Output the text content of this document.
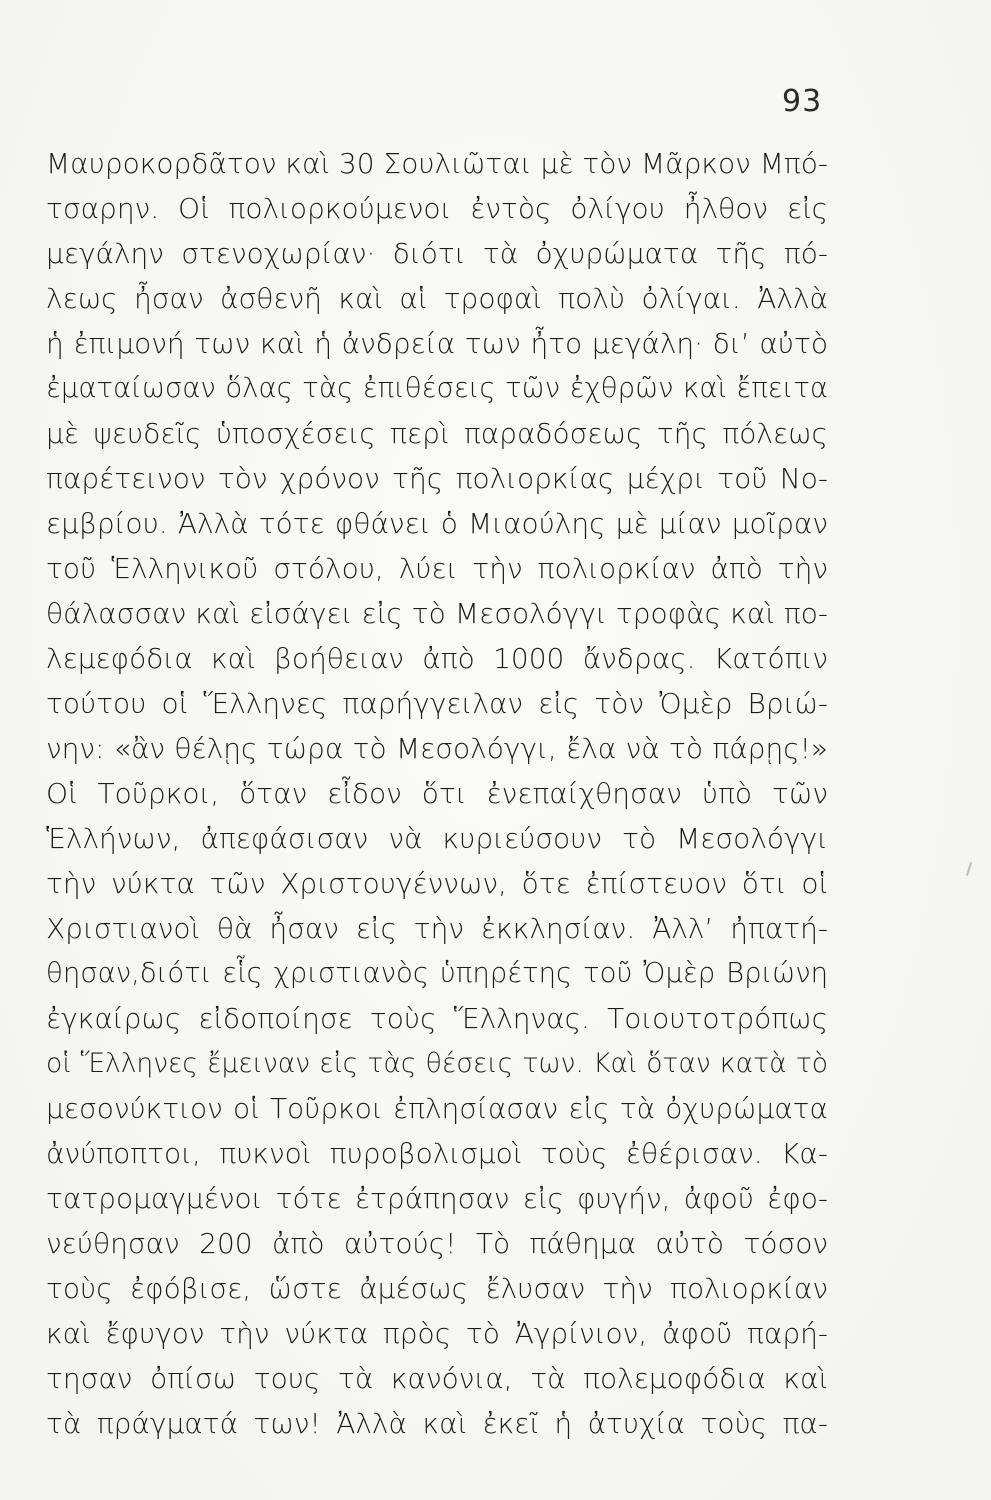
93
Μαυροκορδᾶτον καὶ 30 Σουλιῶται μὲ τὸν Μᾶρκον Μπό-
τσαρην. Οἱ πολιορκούμενοι ἐντὸς ὀλίγου ἦλθον εἰς
μεγάλην στενοχωρίαν· διότι τὰ ὀχυρώματα τῆς πό-
λεως ἦσαν ἀσθενῆ καὶ αἱ τροφαὶ πολὺ ὀλίγαι. Ἀλλὰ
ἡ ἐπιμονή των καὶ ἡ ἀνδρεία των ἦτο μεγάλη· δι’ αὐτὸ
ἐματαίωσαν ὅλας τὰς ἐπιθέσεις τῶν ἐχθρῶν καὶ ἔπειτα
μὲ ψευδεῖς ὑποσχέσεις περὶ παραδόσεως τῆς πόλεως
παρέτεινον τὸν χρόνον τῆς πολιορκίας μέχρι τοῦ Νο-
εμβρίου. Ἀλλὰ τότε φθάνει ὁ Μιαούλης μὲ μίαν μοῖραν
τοῦ Ἑλληνικοῦ στόλου, λύει τὴν πολιορκίαν ἀπὸ τὴν
θάλασσαν καὶ εἰσάγει εἰς τὸ Μεσολόγγι τροφὰς καὶ πο-
λεμεφόδια καὶ βοήθειαν ἀπὸ 1000 ἄνδρας. Κατόπιν
τούτου οἱ Ἕλληνες παρήγγειλαν εἰς τὸν Ὀμὲρ Βριώ-
νην: «ἂν θέλῃς τώρα τὸ Μεσολόγγι, ἔλα νὰ τὸ πάρῃς!»
Οἱ Τοῦρκοι, ὅταν εἶδον ὅτι ἐνεπαίχθησαν ὑπὸ τῶν
Ἑλλήνων, ἀπεφάσισαν νὰ κυριεύσουν τὸ Μεσολόγγι
τὴν νύκτα τῶν Χριστουγέννων, ὅτε ἐπίστευον ὅτι οἱ
Χριστιανοὶ θὰ ἦσαν εἰς τὴν ἐκκλησίαν. Ἀλλ’ ἠπατή-
θησαν,διότι εἷς χριστιανὸς ὑπηρέτης τοῦ Ὀμὲρ Βριώνη
ἐγκαίρως εἰδοποίησε τοὺς Ἕλληνας. Τοιουτοτρόπως
οἱ Ἕλληνες ἔμειναν εἰς τὰς θέσεις των. Καὶ ὅταν κατὰ τὸ
μεσονύκτιον οἱ Τοῦρκοι ἐπλησίασαν εἰς τὰ ὀχυρώματα
ἀνύποπτοι, πυκνοὶ πυροβολισμοὶ τοὺς ἐθέρισαν. Κα-
τατρομαγμένοι τότε ἐτράπησαν εἰς φυγήν, ἀφοῦ ἐφο-
νεύθησαν 200 ἀπὸ αὐτούς! Τὸ πάθημα αὐτὸ τόσον
τοὺς ἐφόβισε, ὥστε ἀμέσως ἔλυσαν τὴν πολιορκίαν
καὶ ἔφυγον τὴν νύκτα πρὸς τὸ Ἀγρίνιον, ἀφοῦ παρή-
τησαν ὀπίσω τους τὰ κανόνια, τὰ πολεμοφόδια καὶ
τὰ πράγματά των! Ἀλλὰ καὶ ἐκεῖ ἡ ἀτυχία τοὺς πα-
